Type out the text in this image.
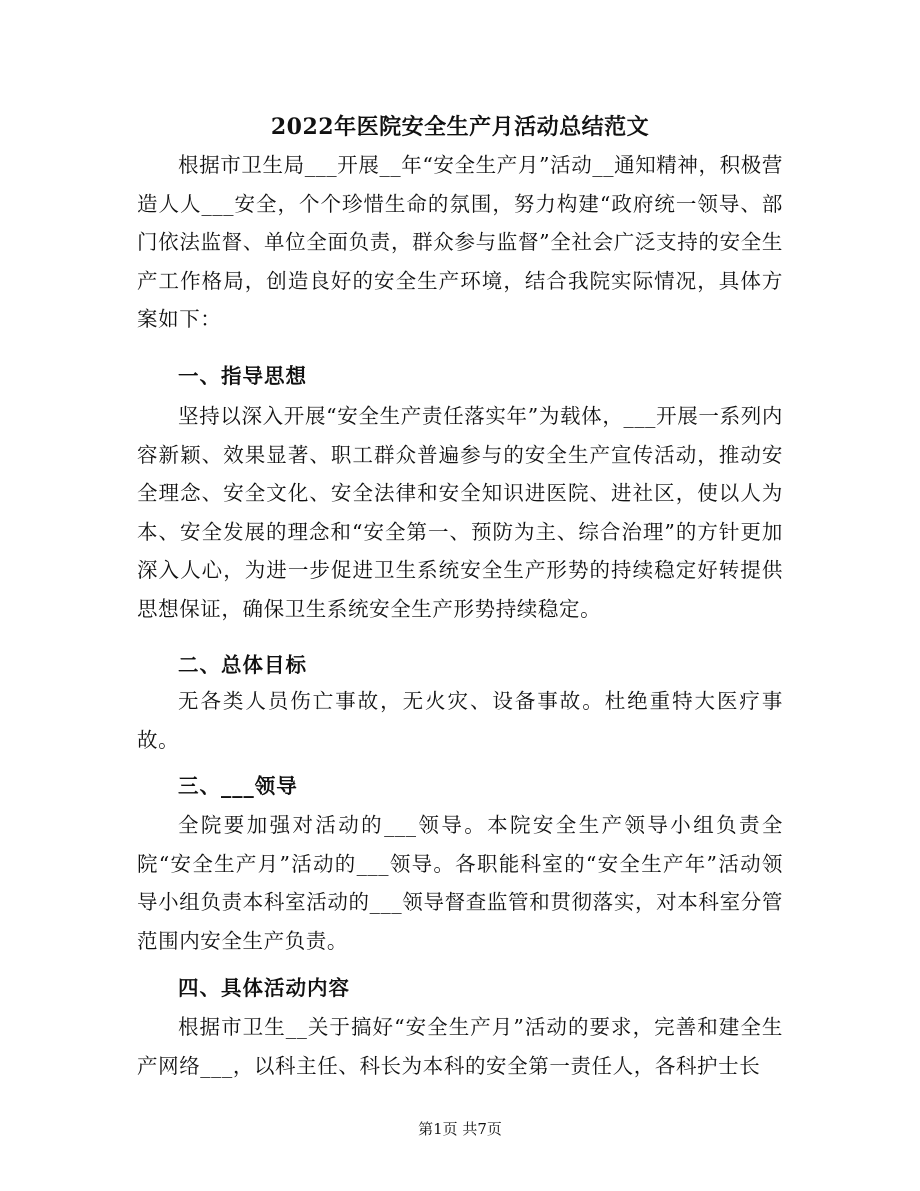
2022年医院安全生产月活动总结范文
根据市卫生局___开展__年“安全生产月”活动__通知精神，积极营造人人___安全，个个珍惜生命的氛围，努力构建“政府统一领导、部门依法监督、单位全面负责，群众参与监督”全社会广泛支持的安全生产工作格局，创造良好的安全生产环境，结合我院实际情况，具体方案如下：
一、指导思想
坚持以深入开展“安全生产责任落实年”为载体，___开展一系列内容新颖、效果显著、职工群众普遍参与的安全生产宣传活动，推动安全理念、安全文化、安全法律和安全知识进医院、进社区，使以人为本、安全发展的理念和“安全第一、预防为主、综合治理”的方针更加深入人心，为进一步促进卫生系统安全生产形势的持续稳定好转提供思想保证，确保卫生系统安全生产形势持续稳定。
二、总体目标
无各类人员伤亡事故，无火灾、设备事故。杜绝重特大医疗事故。
三、___领导
全院要加强对活动的___领导。本院安全生产领导小组负责全院“安全生产月”活动的___领导。各职能科室的“安全生产年”活动领导小组负责本科室活动的___领导督查监管和贯彻落实，对本科室分管范围内安全生产负责。
四、具体活动内容
根据市卫生__关于搞好“安全生产月”活动的要求，完善和建全生产网络___，以科主任、科长为本科的安全第一责任人，各科护士长
第1页 共7页
